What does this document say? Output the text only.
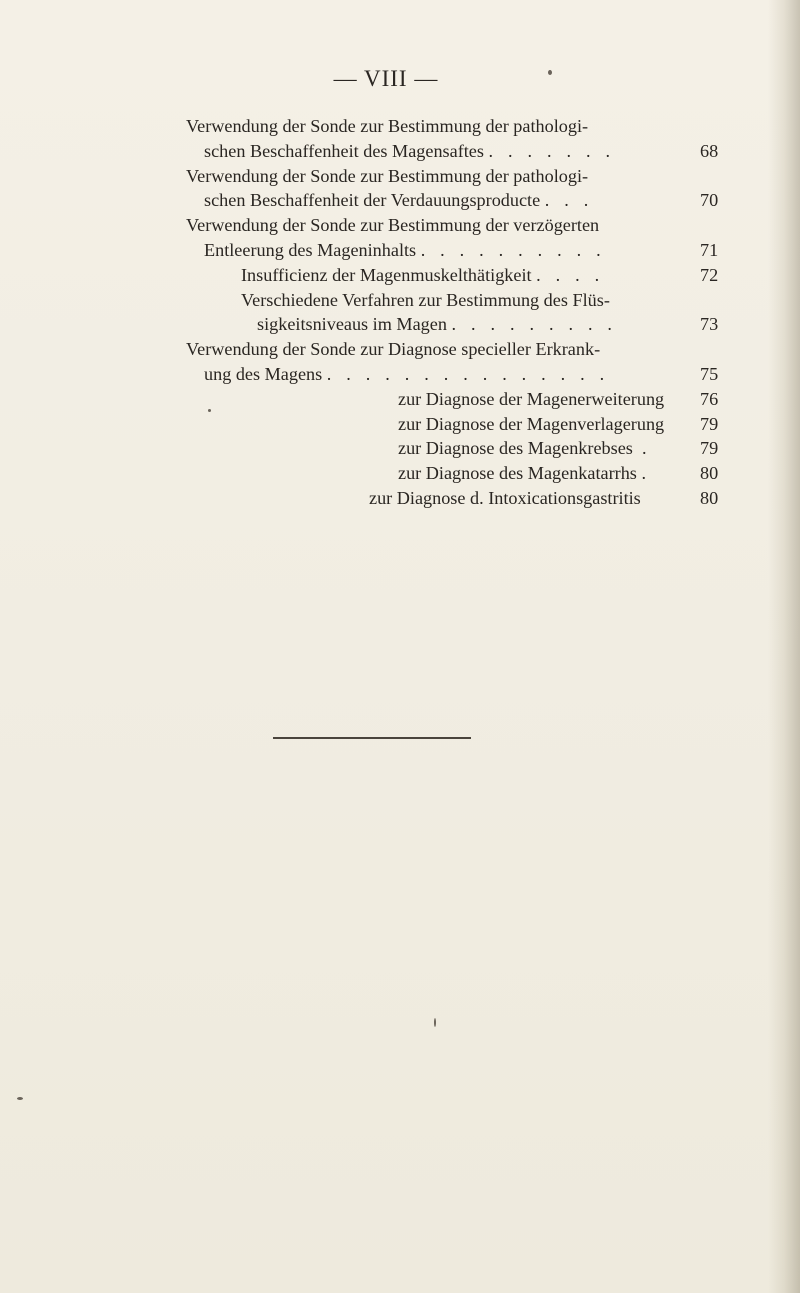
— VIII —
Verwendung der Sonde zur Bestimmung der pathologi-
schen Beschaffenheit des Magensaftes . . . . . . .	68
Verwendung der Sonde zur Bestimmung der pathologi-
schen Beschaffenheit der Verdauungsproducte . . .	70
Verwendung der Sonde zur Bestimmung der verzögerten
Entleerung des Mageninhalts . . . . . . . . . .	71
Insufficienz der Magenmuskelthätigkeit . . . .	72
Verschiedene Verfahren zur Bestimmung des Flüs-
sigkeitsniveaus im Magen . . . . . . . . .	73
Verwendung der Sonde zur Diagnose specieller Erkrank-
ung des Magens . . . . . . . . . . . . . . .	75
zur Diagnose der Magenerweiterung 76
zur Diagnose der Magenverlagerung 79
zur Diagnose des Magenkrebses .	79
zur Diagnose des Magenkatarrhs .	80
zur Diagnose d. Intoxicationsgastritis	80
